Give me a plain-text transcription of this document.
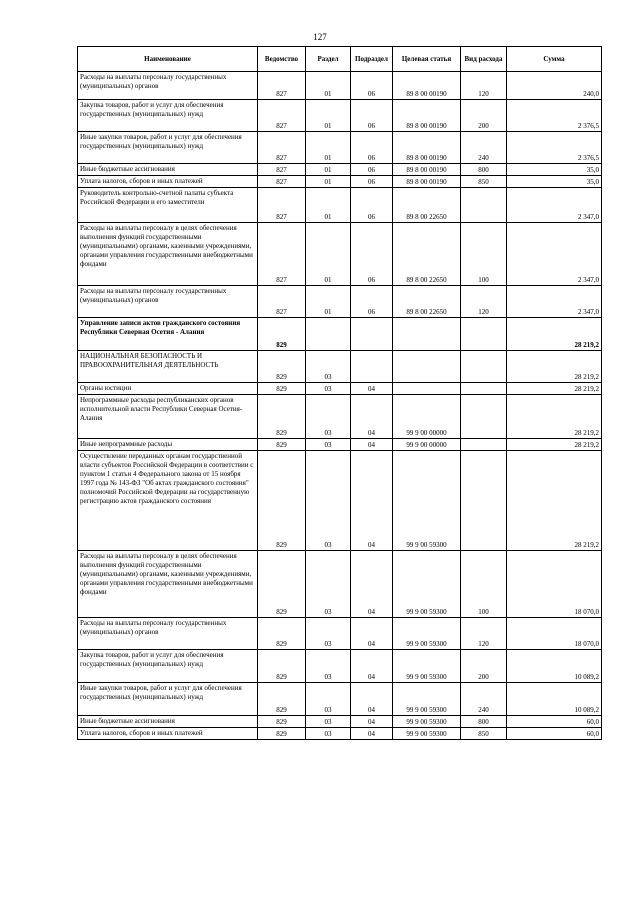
127
Наименование	Ведомство	Раздел	Подраздел	Целевая статья	Вид расхода	Сумма
Расходы на выплаты персоналу государственных (муниципальных) органов	827	01	06	89 8 00 00190	120	240,0
Закупка товаров, работ и услуг для обеспечения государственных (муниципальных) нужд	827	01	06	89 8 00 00190	200	2 376,5
Иные закупки товаров, работ и услуг для обеспечения государственных (муниципальных) нужд	827	01	06	89 8 00 00190	240	2 376,5
Иные бюджетные ассигнования	827	01	06	89 8 00 00190	800	35,0
Уплата налогов, сборов и иных платежей	827	01	06	89 8 00 00190	850	35,0
Руководитель контрольно-счетной палаты субъекта Российской Федерации и его заместители	827	01	06	89 8 00 22650		2 347,0
Расходы на выплаты персоналу в целях обеспечения выполнения функций государственными (муниципальными) органами, казенными учреждениями, органами управления государственными внебюджетными фондами	827	01	06	89 8 00 22650	100	2 347,0
Расходы на выплаты персоналу государственных (муниципальных) органов	827	01	06	89 8 00 22650	120	2 347,0
Управление записи актов гражданского состояния Республики Северная Осетия - Алания	829					28 219,2
НАЦИОНАЛЬНАЯ БЕЗОПАСНОСТЬ И ПРАВООХРАНИТЕЛЬНАЯ ДЕЯТЕЛЬНОСТЬ	829	03				28 219,2
Органы юстиции	829	03	04			28 219,2
Непрограммные расходы республиканских органов исполнительной власти Республики Северная Осетия-Алания	829	03	04	99 9 00 00000		28 219,2
Иные непрограммные расходы	829	03	04	99 9 00 00000		28 219,2
Осуществление переданных органам государственной власти субъектов Российской Федерации в соответствии с пунктом 1 статьи 4 Федерального закона от 15 ноября 1997 года № 143-ФЗ "Об актах гражданского состояния" полномочий Российской Федерации на государственную регистрацию актов гражданского состояния	829	03	04	99 9 00 59300		28 219,2
Расходы на выплаты персоналу в целях обеспечения выполнения функций государственными (муниципальными) органами, казенными учреждениями, органами управления государственными внебюджетными фондами	829	03	04	99 9 00 59300	100	18 070,0
Расходы на выплаты персоналу государственных (муниципальных) органов	829	03	04	99 9 00 59300	120	18 070,0
Закупка товаров, работ и услуг для обеспечения государственных (муниципальных) нужд	829	03	04	99 9 00 59300	200	10 089,2
Иные закупки товаров, работ и услуг для обеспечения государственных (муниципальных) нужд	829	03	04	99 9 00 59300	240	10 089,2
Иные бюджетные ассигнования	829	03	04	99 9 00 59300	800	60,0
Уплата налогов, сборов и иных платежей	829	03	04	99 9 00 59300	850	60,0
